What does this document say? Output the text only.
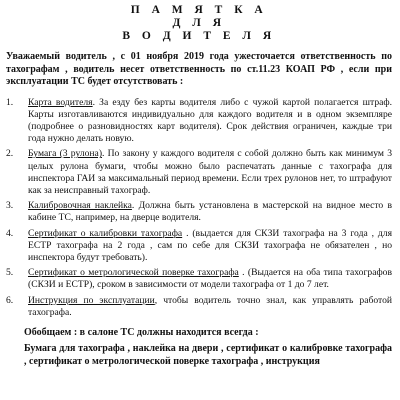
П А М Я Т К А

Д Л Я

В О Д И Т Е Л Я

Уважаемый водитель , с 01 ноября 2019 года ужесточается ответственность по тахографам , водитель несет ответственность по ст.11.23 КОАП РФ , если при эксплуатации ТС будет отсутствовать :

1. Карта водителя. За езду без карты водителя либо с чужой картой полагается штраф. Карты изготавливаются индивидуально для каждого водителя и в одном экземпляре (подробнее о разновидностях карт водителя). Срок действия ограничен, каждые три года нужно делать новую.
2. Бумага (3 рулона). По закону у каждого водителя с собой должно быть как минимум 3 целых рулона бумаги, чтобы можно было распечатать данные с тахографа для инспектора ГАИ за максимальный период времени. Если трех рулонов нет, то штрафуют как за неисправный тахограф.
3. Калибровочная наклейка. Должна быть установлена в мастерской на видное место в кабине ТС, например, на дверце водителя.
4. Сертификат о калибровки тахографа . (выдается для СКЗИ тахографа на 3 года , для ЕСТР тахографа на 2 года , сам по себе для СКЗИ тахографа не обязателен , но инспектора будут требовать).
5. Сертификат о метрологической поверке тахографа . (Выдается на оба типа тахографов (СКЗИ и ЕСТР), сроком в зависимости от модели тахографа от 1 до 7 лет.
6. Инструкция по эксплуатации, чтобы водитель точно знал, как управлять работой тахографа.

Обобщаем : в салоне ТС должны находится всегда :

Бумага для тахографа , наклейка на двери , сертификат о калибровке тахографа , сертификат о метрологической поверке тахографа , инструкция
